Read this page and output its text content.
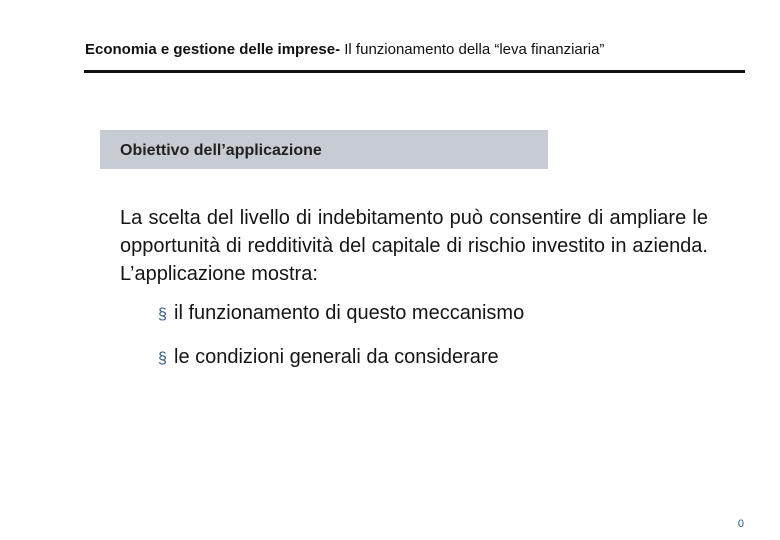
Economia e gestione delle imprese- Il funzionamento della “leva finanziaria”
Obiettivo dell’applicazione

La scelta del livello di indebitamento può consentire di ampliare le opportunità di redditività del capitale di rischio investito in azienda. L’applicazione mostra:

§ il funzionamento di questo meccanismo
§ le condizioni generali da considerare
0
